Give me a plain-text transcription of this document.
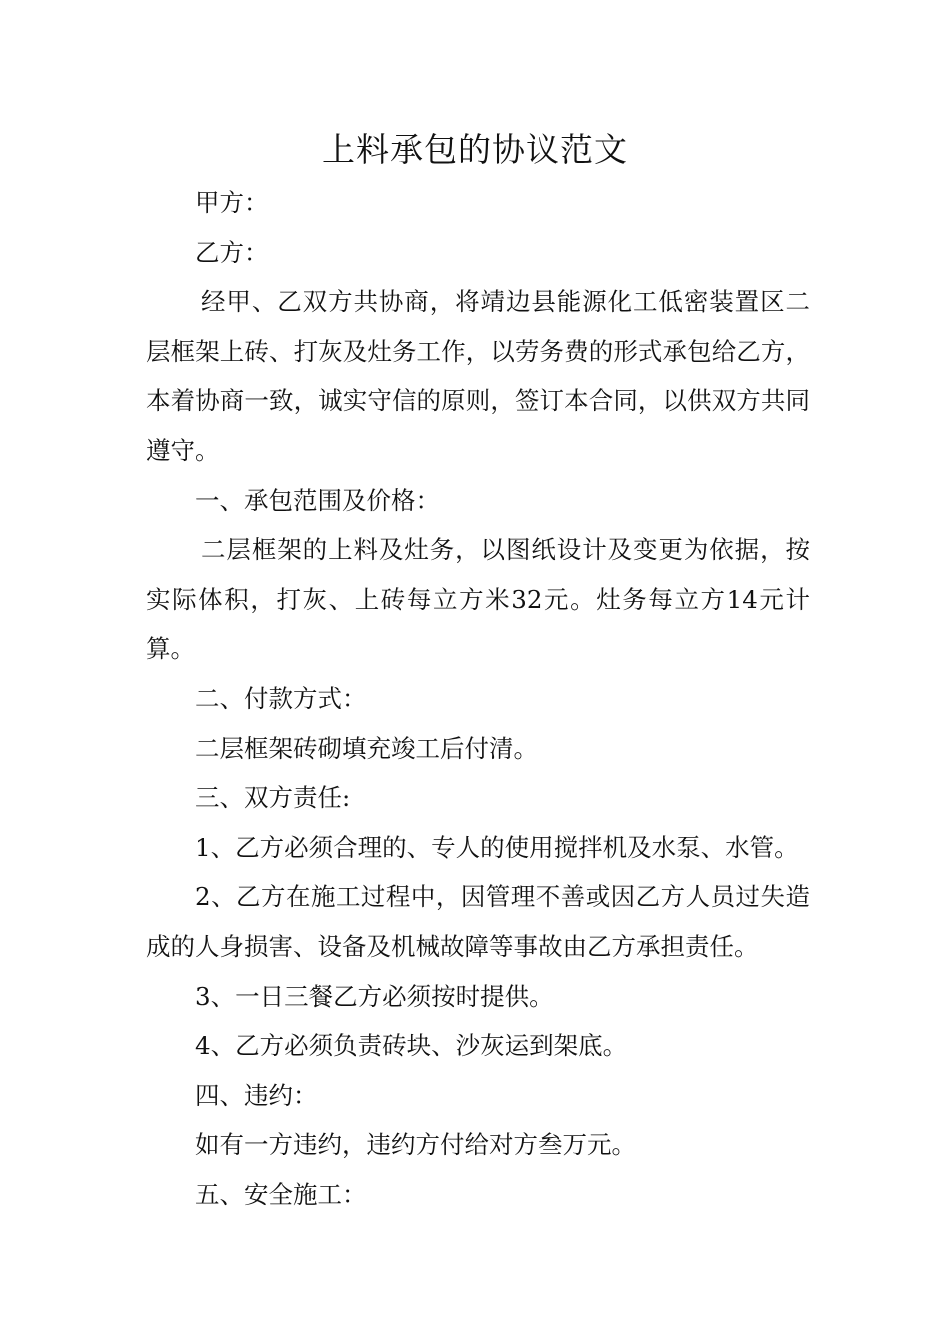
上料承包的协议范文

甲方：

乙方：

经甲、乙双方共协商，将靖边县能源化工低密装置区二层框架上砖、打灰及灶务工作，以劳务费的形式承包给乙方，本着协商一致，诚实守信的原则，签订本合同，以供双方共同遵守。

一、承包范围及价格：

二层框架的上料及灶务，以图纸设计及变更为依据，按实际体积，打灰、上砖每立方米32元。灶务每立方14元计算。

二、付款方式：

二层框架砖砌填充竣工后付清。

三、双方责任:

1、乙方必须合理的、专人的使用搅拌机及水泵、水管。

2、乙方在施工过程中，因管理不善或因乙方人员过失造成的人身损害、设备及机械故障等事故由乙方承担责任。

3、一日三餐乙方必须按时提供。

4、乙方必须负责砖块、沙灰运到架底。

四、违约：

如有一方违约，违约方付给对方叁万元。

五、安全施工：
